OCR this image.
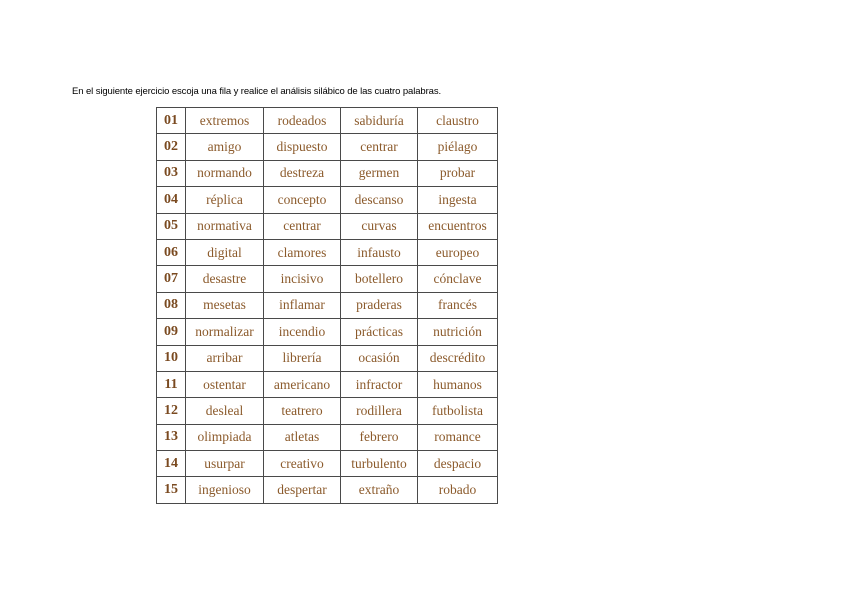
En el siguiente ejercicio escoja una fila y realice el análisis silábico de las cuatro palabras.
01	extremos	rodeados	sabiduría	claustro
02	amigo	dispuesto	centrar	piélago
03	normando	destreza	germen	probar
04	réplica	concepto	descanso	ingesta
05	normativa	centrar	curvas	encuentros
06	digital	clamores	infausto	europeo
07	desastre	incisivo	botellero	cónclave
08	mesetas	inflamar	praderas	francés
09	normalizar	incendio	prácticas	nutrición
10	arribar	librería	ocasión	descrédito
11	ostentar	americano	infractor	humanos
12	desleal	teatrero	rodillera	futbolista
13	olimpiada	atletas	febrero	romance
14	usurpar	creativo	turbulento	despacio
15	ingenioso	despertar	extraño	robado
